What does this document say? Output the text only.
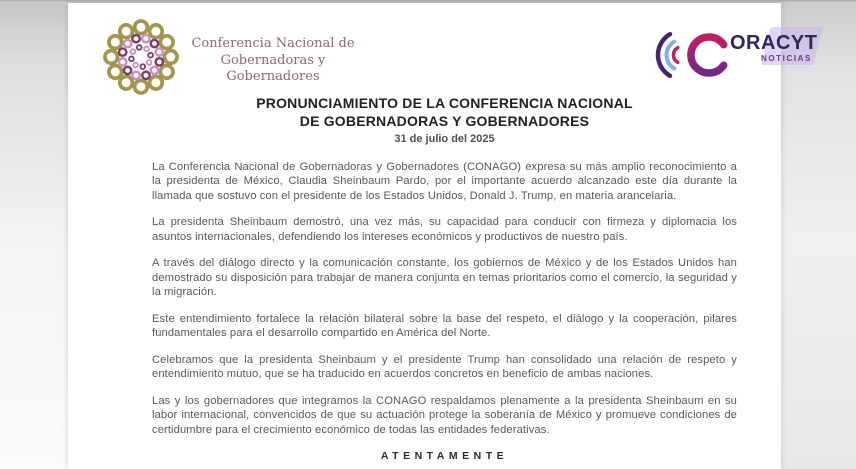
Conferencia Nacional de
Gobernadoras y Gobernadores
PRONUNCIAMIENTO DE LA CONFERENCIA NACIONAL
DE GOBERNADORAS Y GOBERNADORES
31 de julio del 2025

La Conferencia Nacional de Gobernadoras y Gobernadores (CONAGO) expresa su más amplio reconocimiento a la presidenta de México, Claudia Sheinbaum Pardo, por el importante acuerdo alcanzado este día durante la llamada que sostuvo con el presidente de los Estados Unidos, Donald J. Trump, en materia arancelaria.

La presidenta Sheinbaum demostró, una vez más, su capacidad para conducir con firmeza y diplomacia los asuntos internacionales, defendiendo los intereses económicos y productivos de nuestro país.

A través del diálogo directo y la comunicación constante, los gobiernos de México y de los Estados Unidos han demostrado su disposición para trabajar de manera conjunta en temas prioritarios como el comercio, la seguridad y la migración.

Este entendimiento fortalece la relación bilateral sobre la base del respeto, el diálogo y la cooperación, pilares fundamentales para el desarrollo compartido en América del Norte.

Celebramos que la presidenta Sheinbaum y el presidente Trump han consolidado una relación de respeto y entendimiento mutuo, que se ha traducido en acuerdos concretos en beneficio de ambas naciones.

Las y los gobernadores que integramos la CONAGO respaldamos plenamente a la presidenta Sheinbaum en su labor internacional, convencidos de que su actuación protege la soberanía de México y promueve condiciones de certidumbre para el crecimiento económico de todas las entidades federativas.

ATENTAMENTE
ORACYT
NOTICIAS
